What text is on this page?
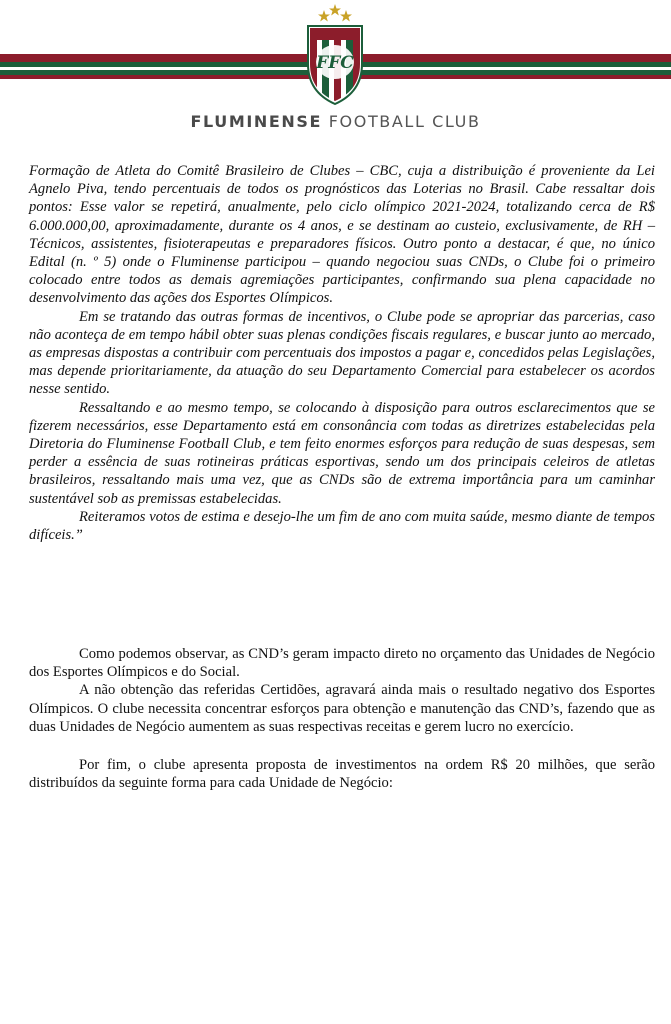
FFC
FLUMINENSE FOOTBALL CLUB

Formação de Atleta do Comitê Brasileiro de Clubes – CBC, cuja a distribuição é proveniente da Lei Agnelo Piva, tendo percentuais de todos os prognósticos das Loterias no Brasil. Cabe ressaltar dois pontos: Esse valor se repetirá, anualmente, pelo ciclo olímpico 2021-2024, totalizando cerca de R$ 6.000.000,00, aproximadamente, durante os 4 anos, e se destinam ao custeio, exclusivamente, de RH – Técnicos, assistentes, fisioterapeutas e preparadores físicos. Outro ponto a destacar, é que, no único Edital (n. º 5) onde o Fluminense participou – quando negociou suas CNDs, o Clube foi o primeiro colocado entre todos as demais agremiações participantes, confirmando sua plena capacidade no desenvolvimento das ações dos Esportes Olímpicos.

Em se tratando das outras formas de incentivos, o Clube pode se apropriar das parcerias, caso não aconteça de em tempo hábil obter suas plenas condições fiscais regulares, e buscar junto ao mercado, as empresas dispostas a contribuir com percentuais dos impostos a pagar e, concedidos pelas Legislações, mas depende prioritariamente, da atuação do seu Departamento Comercial para estabelecer os acordos nesse sentido.

Ressaltando e ao mesmo tempo, se colocando à disposição para outros esclarecimentos que se fizerem necessários, esse Departamento está em consonância com todas as diretrizes estabelecidas pela Diretoria do Fluminense Football Club, e tem feito enormes esforços para redução de suas despesas, sem perder a essência de suas rotineiras práticas esportivas, sendo um dos principais celeiros de atletas brasileiros, ressaltando mais uma vez, que as CNDs são de extrema importância para um caminhar sustentável sob as premissas estabelecidas.

Reiteramos votos de estima e desejo-lhe um fim de ano com muita saúde, mesmo diante de tempos difíceis.”

Como podemos observar, as CND’s geram impacto direto no orçamento das Unidades de Negócio dos Esportes Olímpicos e do Social.

A não obtenção das referidas Certidões, agravará ainda mais o resultado negativo dos Esportes Olímpicos. O clube necessita concentrar esforços para obtenção e manutenção das CND’s, fazendo que as duas Unidades de Negócio aumentem as suas respectivas receitas e gerem lucro no exercício.

Por fim, o clube apresenta proposta de investimentos na ordem R$ 20 milhões, que serão distribuídos da seguinte forma para cada Unidade de Negócio:
